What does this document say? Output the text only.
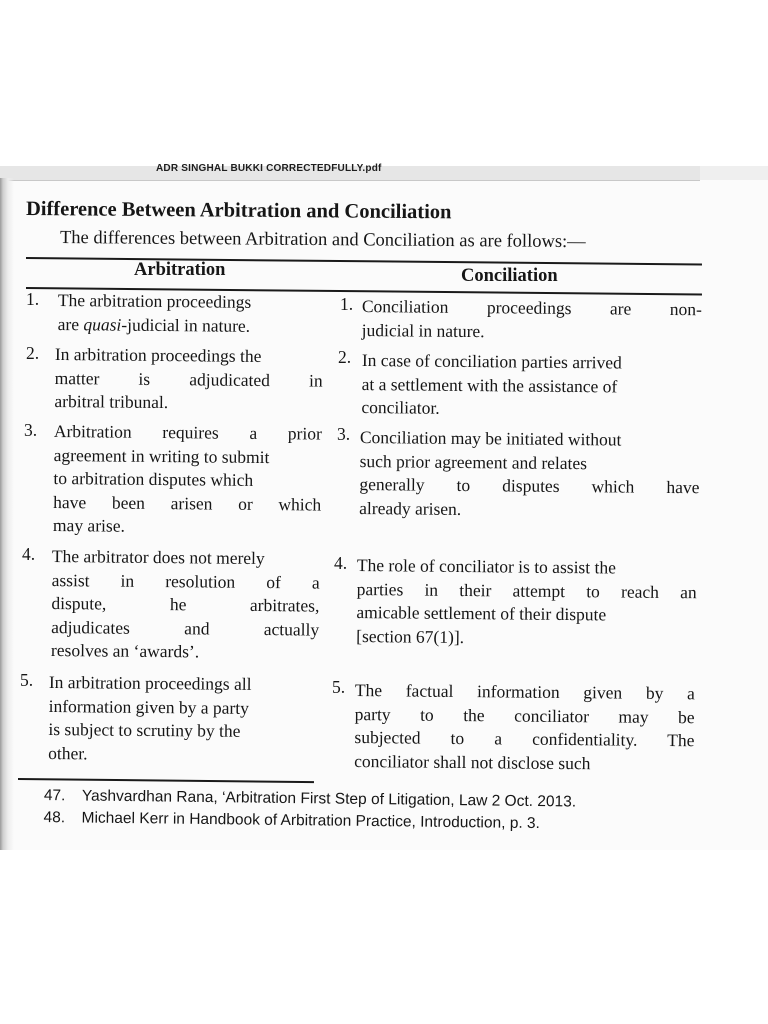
ADR SINGHAL BUKKI CORRECTEDFULLY.pdf
Difference Between Arbitration and Conciliation
The differences between Arbitration and Conciliation as are follows:—
Arbitration	Conciliation
1. The arbitration proceedings
are quasi-judicial in nature.
1. Conciliation proceedings are non-
judicial in nature.
2. In arbitration proceedings the
matter is adjudicated in
arbitral tribunal.
2. In case of conciliation parties arrived
at a settlement with the assistance of
conciliator.
3. Arbitration requires a prior
agreement in writing to submit
to arbitration disputes which
have been arisen or which
may arise.
3. Conciliation may be initiated without
such prior agreement and relates
generally to disputes which have
already arisen.
4. The arbitrator does not merely
assist in resolution of a
dispute, he arbitrates,
adjudicates and actually
resolves an ‘awards’.
4. The role of conciliator is to assist the
parties in their attempt to reach an
amicable settlement of their dispute
[section 67(1)].
5. In arbitration proceedings all
information given by a party
is subject to scrutiny by the
other.
5. The factual information given by a
party to the conciliator may be
subjected to a confidentiality. The
conciliator shall not disclose such
47. Yashvardhan Rana, ‘Arbitration First Step of Litigation, Law 2 Oct. 2013.
48. Michael Kerr in Handbook of Arbitration Practice, Introduction, p. 3.
